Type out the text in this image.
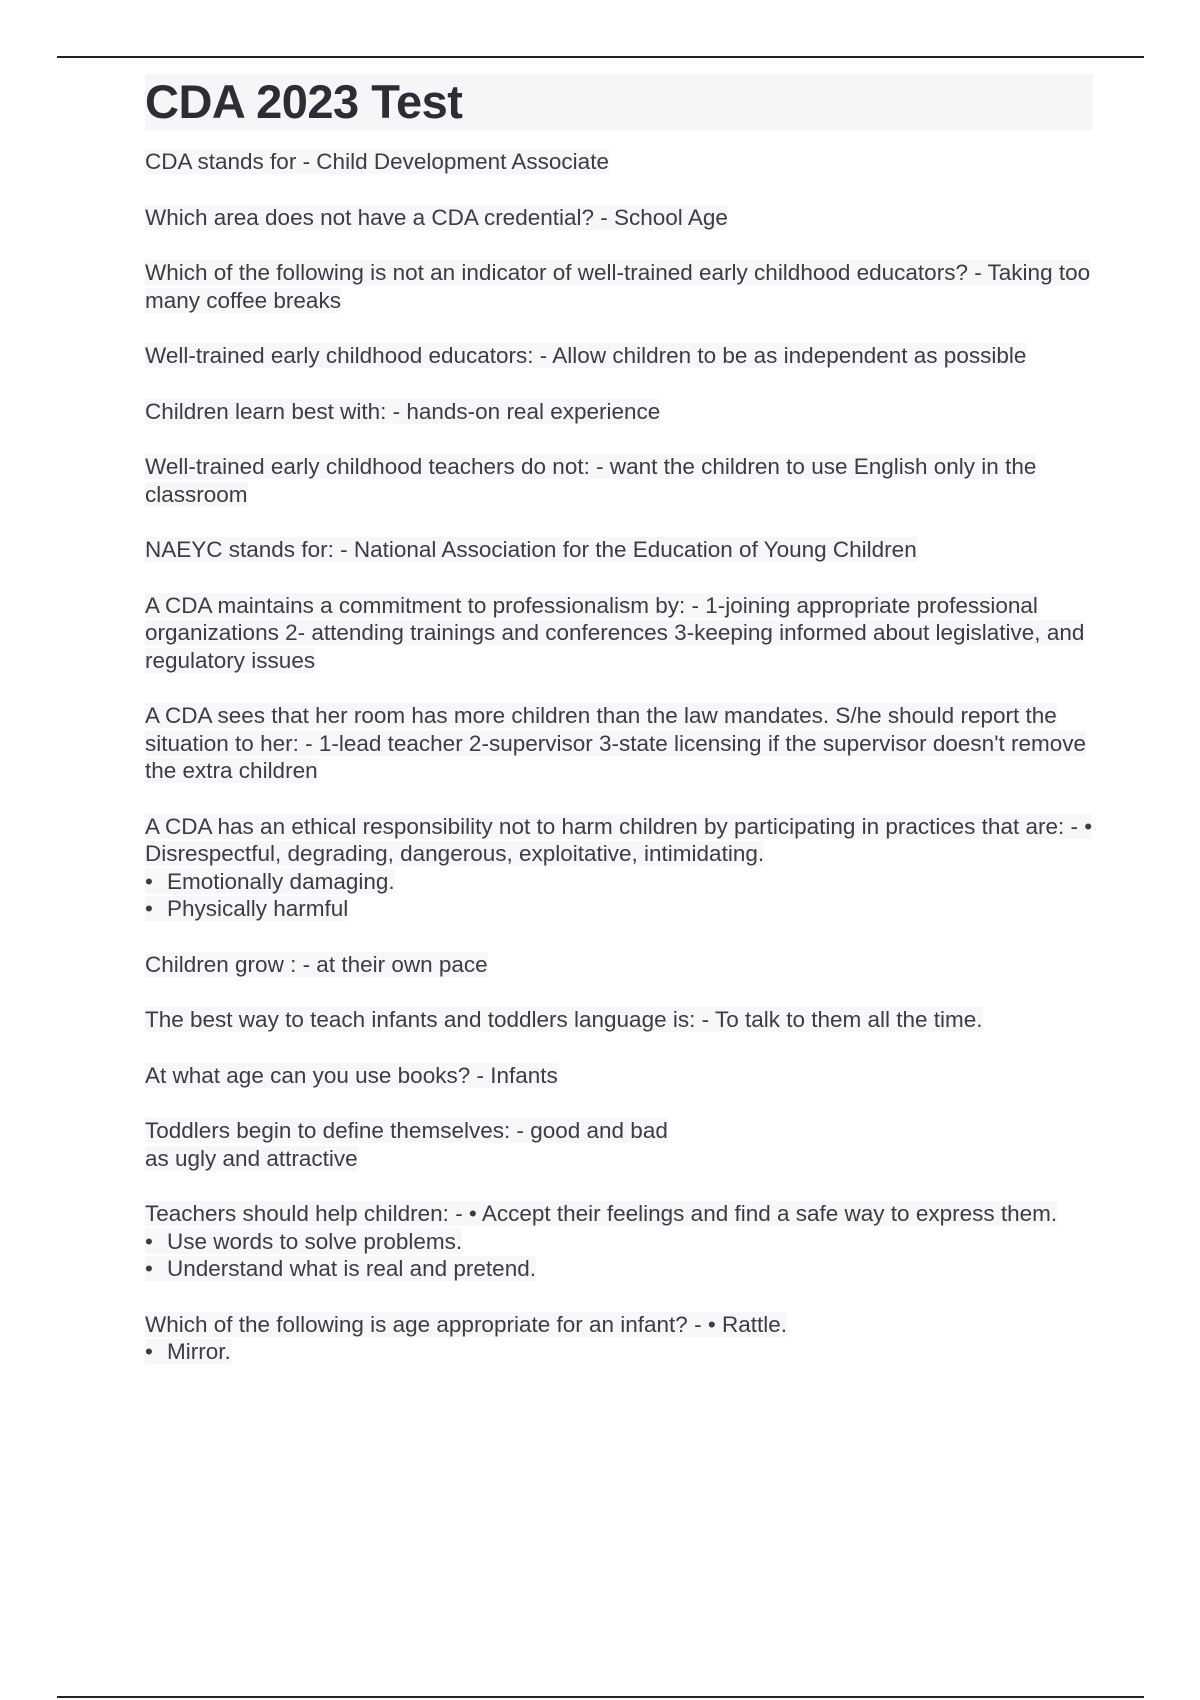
CDA 2023 Test
CDA stands for - Child Development Associate
Which area does not have a CDA credential? - School Age
Which of the following is not an indicator of well-trained early childhood educators? - Taking too many coffee breaks
Well-trained early childhood educators: - Allow children to be as independent as possible
Children learn best with: - hands-on real experience
Well-trained early childhood teachers do not: - want the children to use English only in the classroom
NAEYC stands for: - National Association for the Education of Young Children
A CDA maintains a commitment to professionalism by: - 1-joining appropriate professional organizations 2- attending trainings and conferences 3-keeping informed about legislative, and regulatory issues
A CDA sees that her room has more children than the law mandates. S/he should report the situation to her: - 1-lead teacher 2-supervisor 3-state licensing if the supervisor doesn't remove the extra children
A CDA has an ethical responsibility not to harm children by participating in practices that are: - • Disrespectful, degrading, dangerous, exploitative, intimidating.
• Emotionally damaging.
• Physically harmful
Children grow : - at their own pace
The best way to teach infants and toddlers language is: - To talk to them all the time.
At what age can you use books? - Infants
Toddlers begin to define themselves: - good and bad
as ugly and attractive
Teachers should help children: - • Accept their feelings and find a safe way to express them.
• Use words to solve problems.
• Understand what is real and pretend.
Which of the following is age appropriate for an infant? - • Rattle.
• Mirror.
